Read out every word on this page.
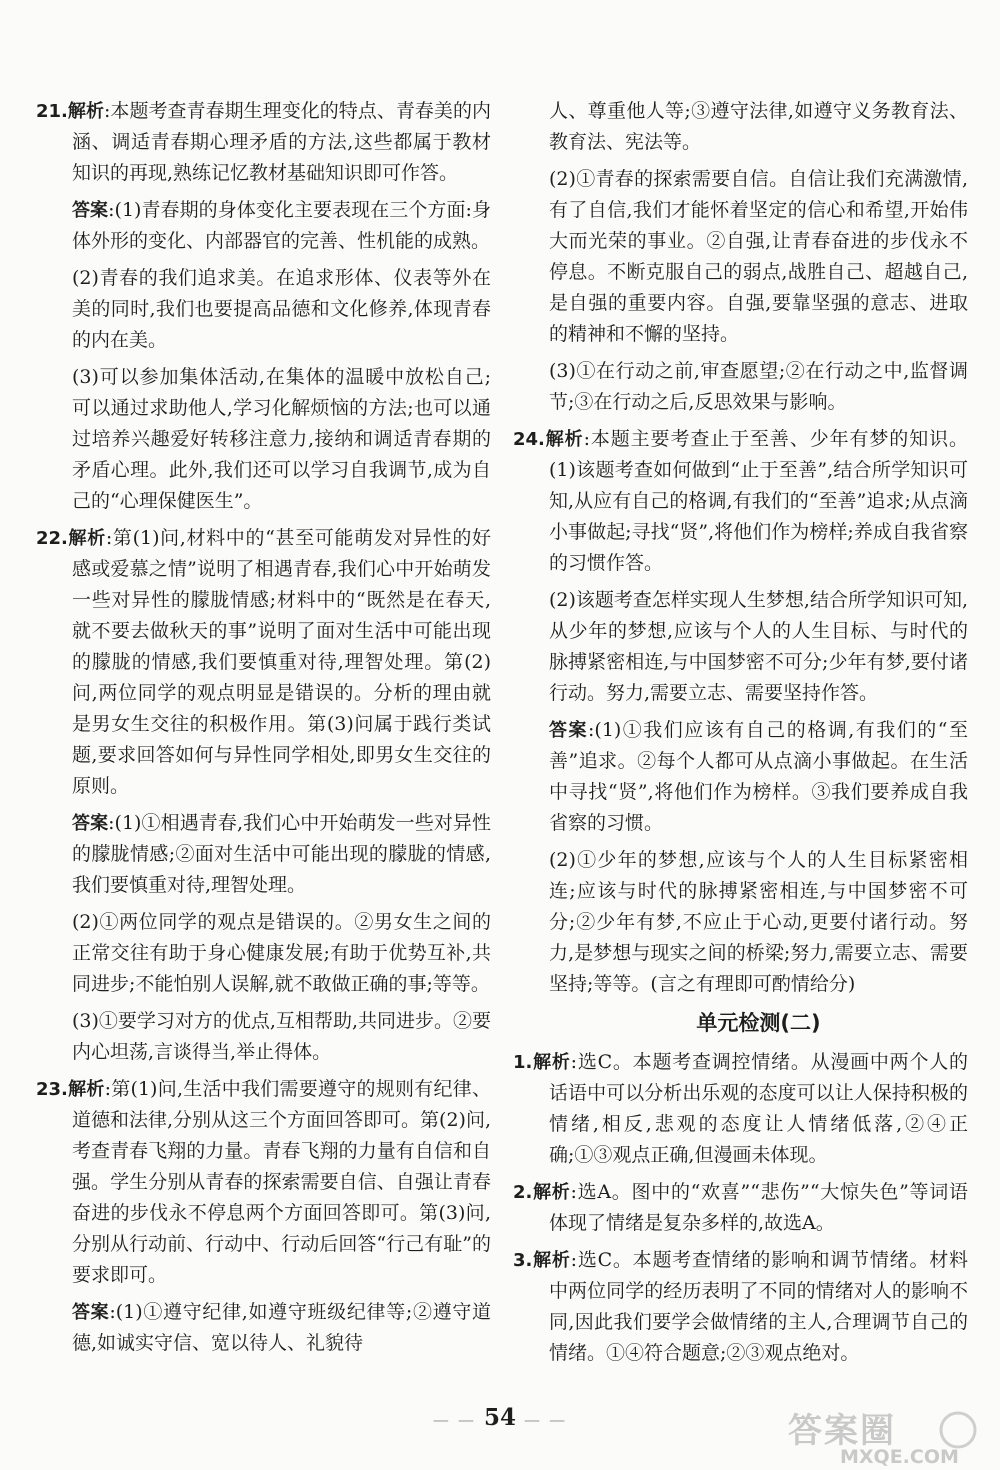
21.解析:本题考查青春期生理变化的特点、青春美的内涵、调适青春期心理矛盾的方法,这些都属于教材知识的再现,熟练记忆教材基础知识即可作答。
答案:(1)青春期的身体变化主要表现在三个方面:身体外形的变化、内部器官的完善、性机能的成熟。
(2)青春的我们追求美。在追求形体、仪表等外在美的同时,我们也要提高品德和文化修养,体现青春的内在美。
(3)可以参加集体活动,在集体的温暖中放松自己;可以通过求助他人,学习化解烦恼的方法;也可以通过培养兴趣爱好转移注意力,接纳和调适青春期的矛盾心理。此外,我们还可以学习自我调节,成为自己的“心理保健医生”。
22.解析:第(1)问,材料中的“甚至可能萌发对异性的好感或爱慕之情”说明了相遇青春,我们心中开始萌发一些对异性的朦胧情感;材料中的“既然是在春天,就不要去做秋天的事”说明了面对生活中可能出现的朦胧的情感,我们要慎重对待,理智处理。第(2)问,两位同学的观点明显是错误的。分析的理由就是男女生交往的积极作用。第(3)问属于践行类试题,要求回答如何与异性同学相处,即男女生交往的原则。
答案:(1)①相遇青春,我们心中开始萌发一些对异性的朦胧情感;②面对生活中可能出现的朦胧的情感,我们要慎重对待,理智处理。
(2)①两位同学的观点是错误的。②男女生之间的正常交往有助于身心健康发展;有助于优势互补,共同进步;不能怕别人误解,就不敢做正确的事;等等。
(3)①要学习对方的优点,互相帮助,共同进步。②要内心坦荡,言谈得当,举止得体。
23.解析:第(1)问,生活中我们需要遵守的规则有纪律、道德和法律,分别从这三个方面回答即可。第(2)问,考查青春飞翔的力量。青春飞翔的力量有自信和自强。学生分别从青春的探索需要自信、自强让青春奋进的步伐永不停息两个方面回答即可。第(3)问,分别从行动前、行动中、行动后回答“行己有耻”的要求即可。
答案:(1)①遵守纪律,如遵守班级纪律等;②遵守道德,如诚实守信、宽以待人、礼貌待
人、尊重他人等;③遵守法律,如遵守义务教育法、教育法、宪法等。
(2)①青春的探索需要自信。自信让我们充满激情,有了自信,我们才能怀着坚定的信心和希望,开始伟大而光荣的事业。②自强,让青春奋进的步伐永不停息。不断克服自己的弱点,战胜自己、超越自己,是自强的重要内容。自强,要靠坚强的意志、进取的精神和不懈的坚持。
(3)①在行动之前,审查愿望;②在行动之中,监督调节;③在行动之后,反思效果与影响。
24.解析:本题主要考查止于至善、少年有梦的知识。(1)该题考查如何做到“止于至善”,结合所学知识可知,从应有自己的格调,有我们的“至善”追求;从点滴小事做起;寻找“贤”,将他们作为榜样;养成自我省察的习惯作答。
(2)该题考查怎样实现人生梦想,结合所学知识可知,从少年的梦想,应该与个人的人生目标、与时代的脉搏紧密相连,与中国梦密不可分;少年有梦,要付诸行动。努力,需要立志、需要坚持作答。
答案:(1)①我们应该有自己的格调,有我们的“至善”追求。②每个人都可从点滴小事做起。在生活中寻找“贤”,将他们作为榜样。③我们要养成自我省察的习惯。
(2)①少年的梦想,应该与个人的人生目标紧密相连;应该与时代的脉搏紧密相连,与中国梦密不可分;②少年有梦,不应止于心动,更要付诸行动。努力,是梦想与现实之间的桥梁;努力,需要立志、需要坚持;等等。(言之有理即可酌情给分)
单元检测(二)
1.解析:选C。本题考查调控情绪。从漫画中两个人的话语中可以分析出乐观的态度可以让人保持积极的情绪,相反,悲观的态度让人情绪低落,②④正确;①③观点正确,但漫画未体现。
2.解析:选A。图中的“欢喜”“悲伤”“大惊失色”等词语体现了情绪是复杂多样的,故选A。
3.解析:选C。本题考查情绪的影响和调节情绪。材料中两位同学的经历表明了不同的情绪对人的影响不同,因此我们要学会做情绪的主人,合理调节自己的情绪。①④符合题意;②③观点绝对。
— — 54 — —	答案圈
MXQE.COM
